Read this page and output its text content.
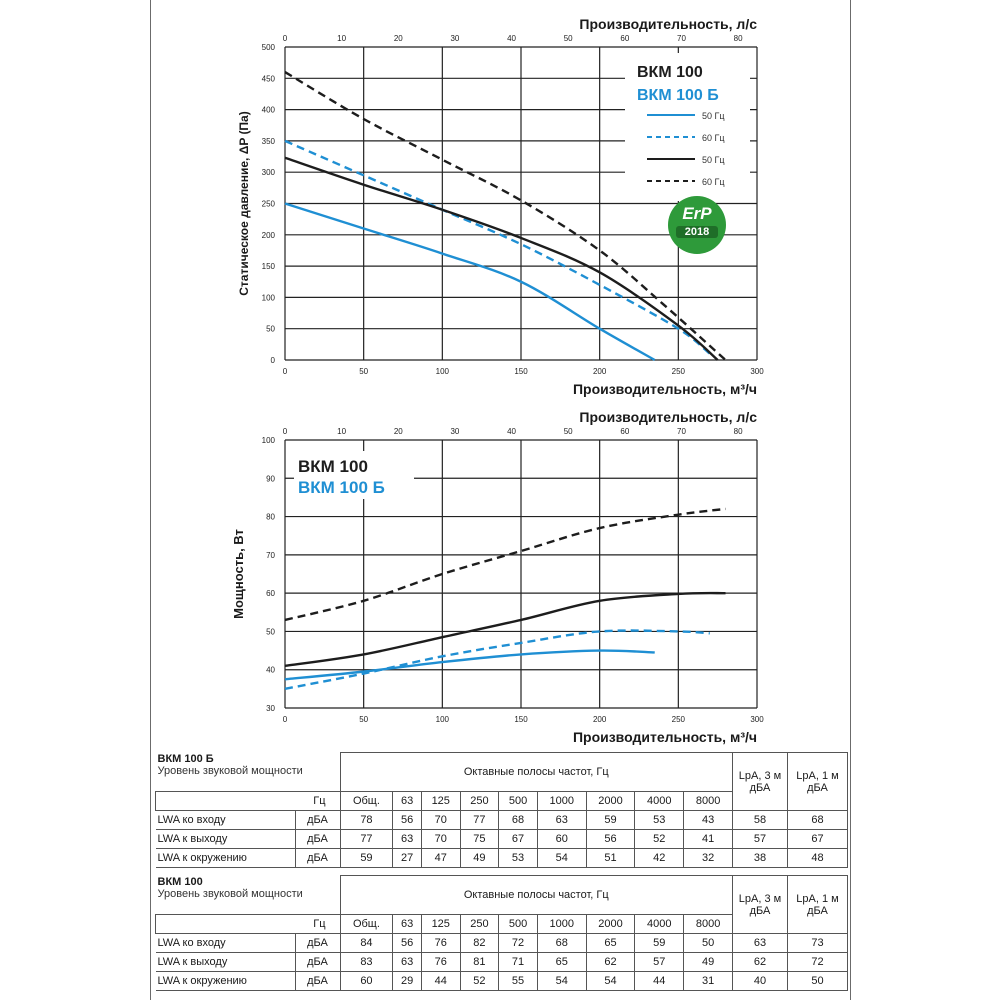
0	50	100	150	200	250	300
0
50
100
150
200
250
300
350
400
450
500
0	10	20	30	40	50	60	70	80
Производительность, л/с
Производительность, м³/ч
Статическое давление, ΔP (Па)
ВКМ 100
ВКМ 100 Б
50 Гц
60 Гц
50 Гц
60 Гц
ErP
2018
0	50	100	150	200	250	300
30
40
50
60
70
80
90
100
0	10	20	30	40	50	60	70	80
Производительность, л/с
Производительность, м³/ч
Мощность, Вт
ВКМ 100
ВКМ 100 Б
ВКМ 100 Б
Уровень звуковой мощности		Октавные полосы частот, Гц									LpA, 3 м дБА	LpA, 1 м дБА

Гц		Общ.	63	125	250	500	1000	2000	4000	8000		
LWA ко входу	дБА	78	56	70	77	68	63	59	53	43	58	68
LWA к выходу	дБА	77	63	70	75	67	60	56	52	41	57	67
LWA к окружению	дБА	59	27	47	49	53	54	51	42	32	38	48
ВКМ 100
Уровень звуковой мощности		Октавные полосы частот, Гц									LpA, 3 м дБА	LpA, 1 м дБА

Гц		Общ.	63	125	250	500	1000	2000	4000	8000		
LWA ко входу	дБА	84	56	76	82	72	68	65	59	50	63	73
LWA к выходу	дБА	83	63	76	81	71	65	62	57	49	62	72
LWA к окружению	дБА	60	29	44	52	55	54	54	44	31	40	50
